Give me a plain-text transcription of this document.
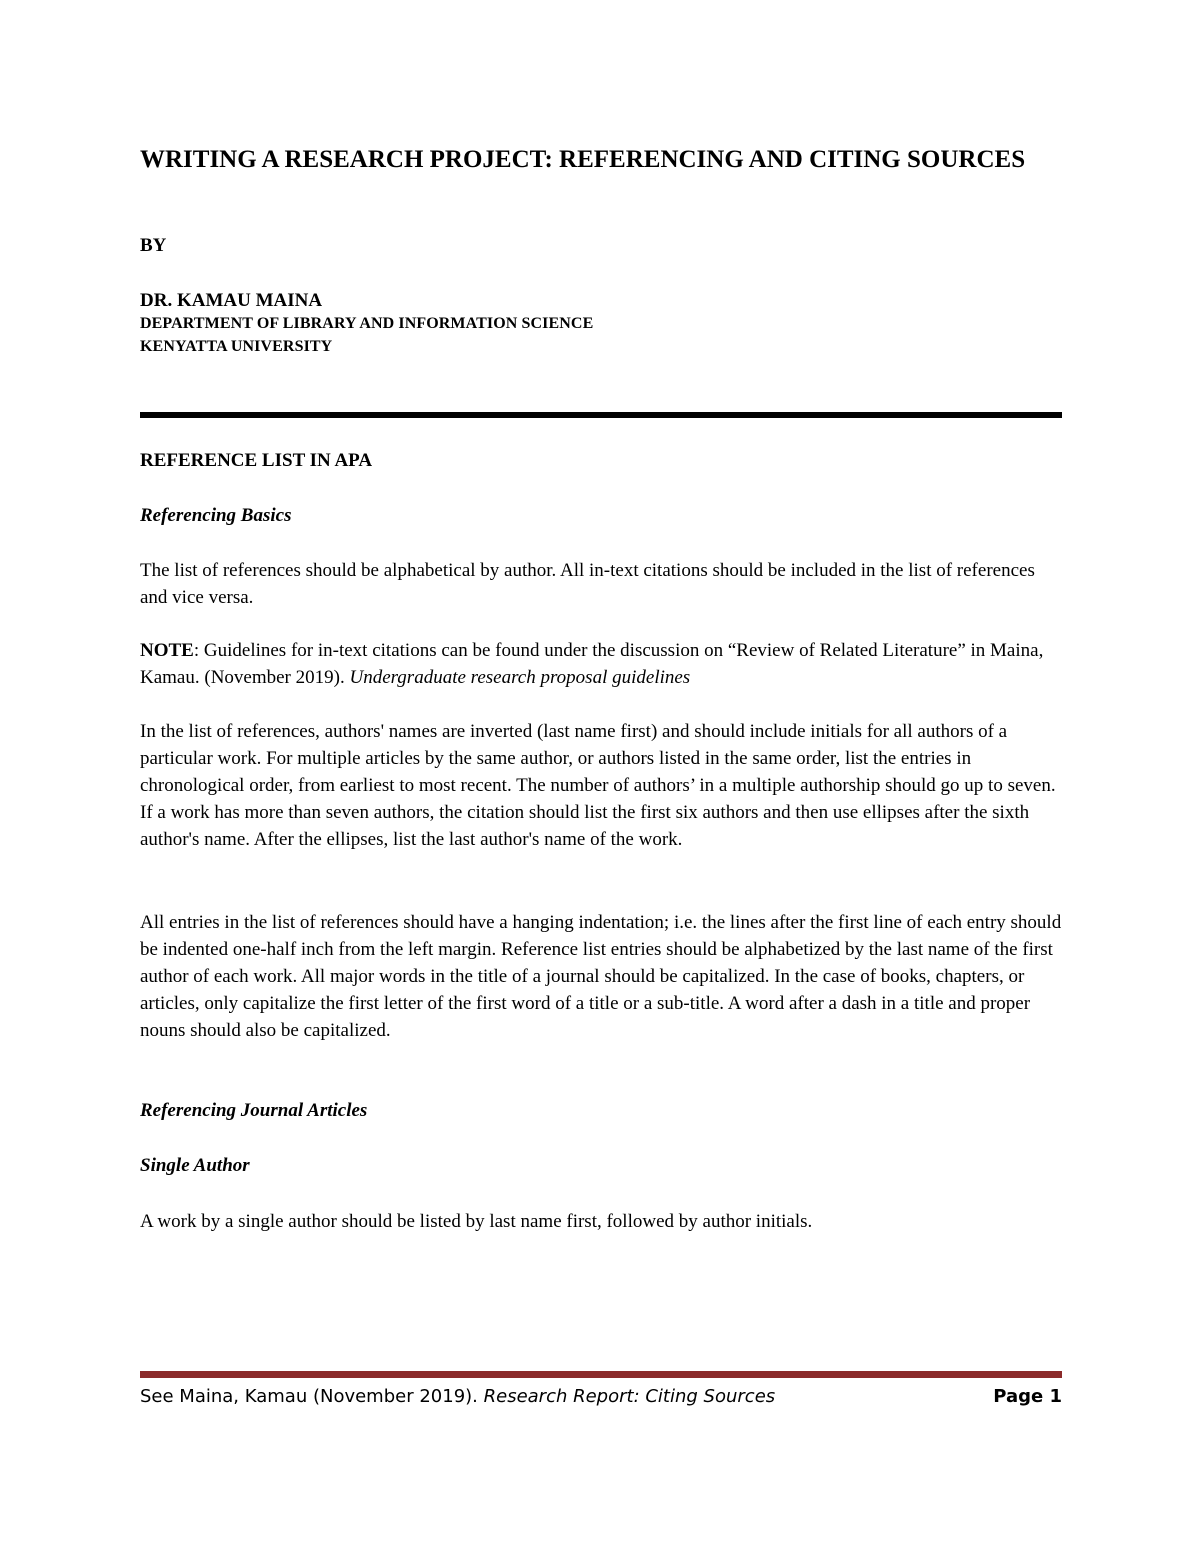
WRITING A RESEARCH PROJECT: REFERENCING AND CITING SOURCES

BY

DR. KAMAU MAINA

DEPARTMENT OF LIBRARY AND INFORMATION SCIENCE

KENYATTA UNIVERSITY

REFERENCE LIST IN APA
Referencing Basics

The list of references should be alphabetical by author. All in-text citations should be included in the list of references and vice versa.

NOTE: Guidelines for in-text citations can be found under the discussion on “Review of Related Literature” in Maina, Kamau. (November 2019). Undergraduate research proposal guidelines

In the list of references, authors' names are inverted (last name first) and should include initials for all authors of a particular work. For multiple articles by the same author, or authors listed in the same order, list the entries in chronological order, from earliest to most recent. The number of authors’ in a multiple authorship should go up to seven. If a work has more than seven authors, the citation should list the first six authors and then use ellipses after the sixth author's name. After the ellipses, list the last author's name of the work.

All entries in the list of references should have a hanging indentation; i.e. the lines after the first line of each entry should be indented one-half inch from the left margin. Reference list entries should be alphabetized by the last name of the first author of each work. All major words in the title of a journal should be capitalized. In the case of books, chapters, or articles, only capitalize the first letter of the first word of a title or a sub-title. A word after a dash in a title and proper nouns should also be capitalized.

Referencing Journal Articles
Single Author

A work by a single author should be listed by last name first, followed by author initials.

See Maina, Kamau (November 2019). Research Report: Citing Sources	Page 1
